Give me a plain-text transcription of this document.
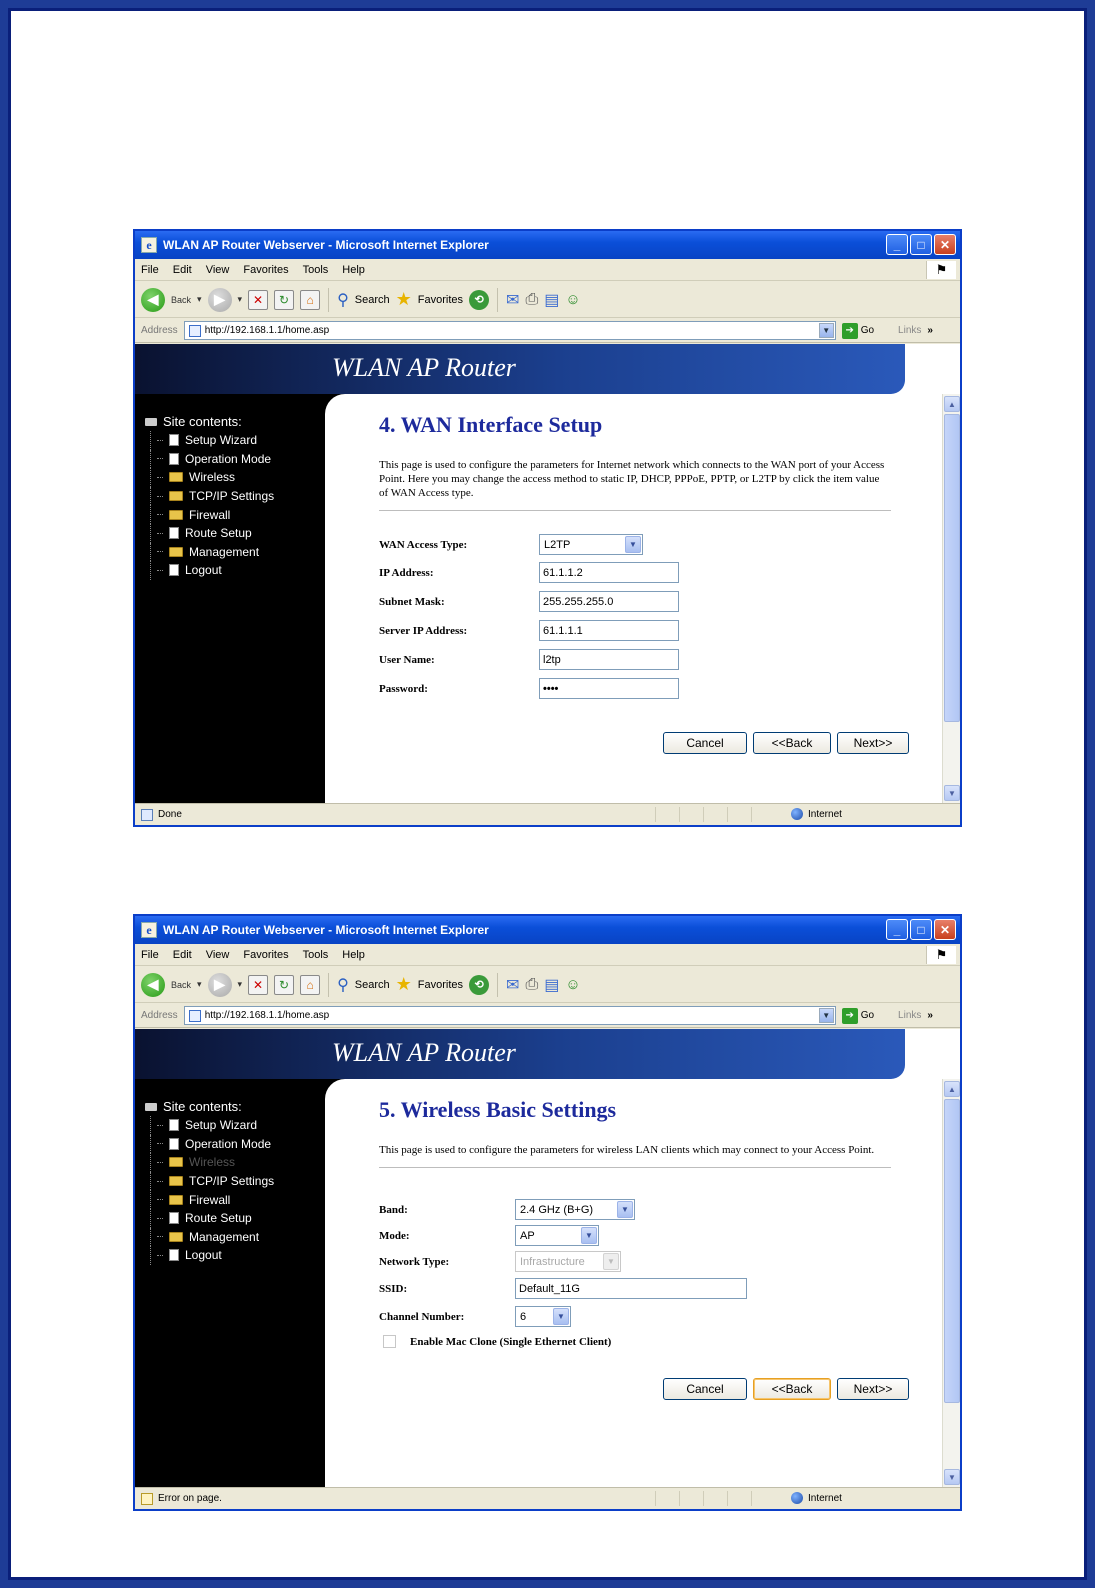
e WLAN AP Router Webserver - Microsoft Internet Explorer	_	□	✕
File Edit View Favorites Tools Help	⚑
◀	Back ▾ ▶	▾ ✕	↻	⌂	⚲ Search ★ Favorites	⟲	✉ ⎙ ▤ ☺
Address	http://192.168.1.1/home.asp	▼	➔ Go Links »
WLAN AP Router
Site contents:
Setup Wizard
Operation Mode
Wireless
TCP/IP Settings
Firewall
Route Setup
Management
Logout
4. WAN Interface Setup
This page is used to configure the parameters for Internet network which connects to the WAN port of your Access Point. Here you may change the access method to static IP, DHCP, PPPoE, PPTP, or L2TP by click the item value of WAN Access type.
WAN Access Type:	L2TP	▼
IP Address:	61.1.1.2
Subnet Mask:	255.255.255.0
Server IP Address:	61.1.1.1
User Name:	l2tp
Password:	••••
Cancel	<<Back	Next>>
▲
▼
Done	Internet
e WLAN AP Router Webserver - Microsoft Internet Explorer	_	□	✕
File Edit View Favorites Tools Help	⚑
◀	Back ▾ ▶	▾ ✕	↻	⌂	⚲ Search ★ Favorites	⟲	✉ ⎙ ▤ ☺
Address	http://192.168.1.1/home.asp	▼	➔ Go Links »
WLAN AP Router
Site contents:
Setup Wizard
Operation Mode
Wireless
TCP/IP Settings
Firewall
Route Setup
Management
Logout
5. Wireless Basic Settings
This page is used to configure the parameters for wireless LAN clients which may connect to your Access Point.
Band:	2.4 GHz (B+G)	▼
Mode:	AP	▼
Network Type:	Infrastructure	▼
SSID:	Default_11G
Channel Number:	6	▼
Enable Mac Clone (Single Ethernet Client)
Cancel	<<Back	Next>>
▲
▼
Error on page.	Internet
